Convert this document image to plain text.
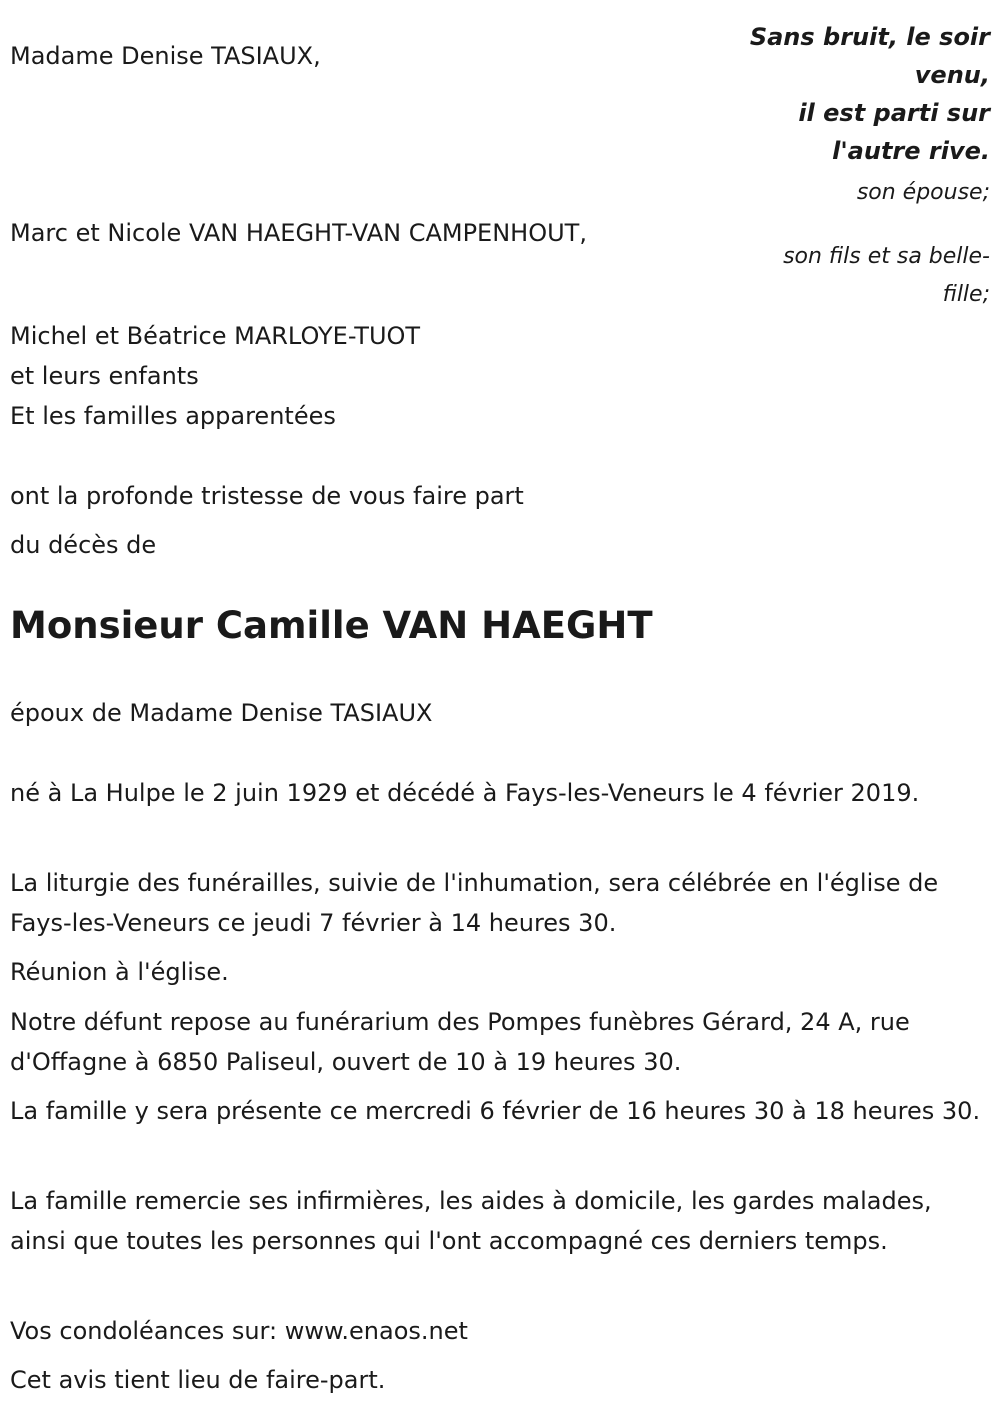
Sans bruit, le soir
venu,
il est parti sur
l'autre rive.
son épouse;
son fils et sa belle-
fille;
Madame Denise TASIAUX,
Marc et Nicole VAN HAEGHT-VAN CAMPENHOUT,
Michel et Béatrice MARLOYE-TUOT
et leurs enfants
Et les familles apparentées
ont la profonde tristesse de vous faire part
du décès de
Monsieur Camille VAN HAEGHT
époux de Madame Denise TASIAUX
né à La Hulpe le 2 juin 1929 et décédé à Fays-les-Veneurs le 4 février 2019.
La liturgie des funérailles, suivie de l'inhumation, sera célébrée en l'église de Fays-les-Veneurs ce jeudi 7 février à 14 heures 30.
Réunion à l'église.
Notre défunt repose au funérarium des Pompes funèbres Gérard, 24 A, rue d'Offagne à 6850 Paliseul, ouvert de 10 à 19 heures 30.
La famille y sera présente ce mercredi 6 février de 16 heures 30 à 18 heures 30.
La famille remercie ses infirmières, les aides à domicile, les gardes malades, ainsi que toutes les personnes qui l'ont accompagné ces derniers temps.
Vos condoléances sur: www.enaos.net
Cet avis tient lieu de faire-part.
